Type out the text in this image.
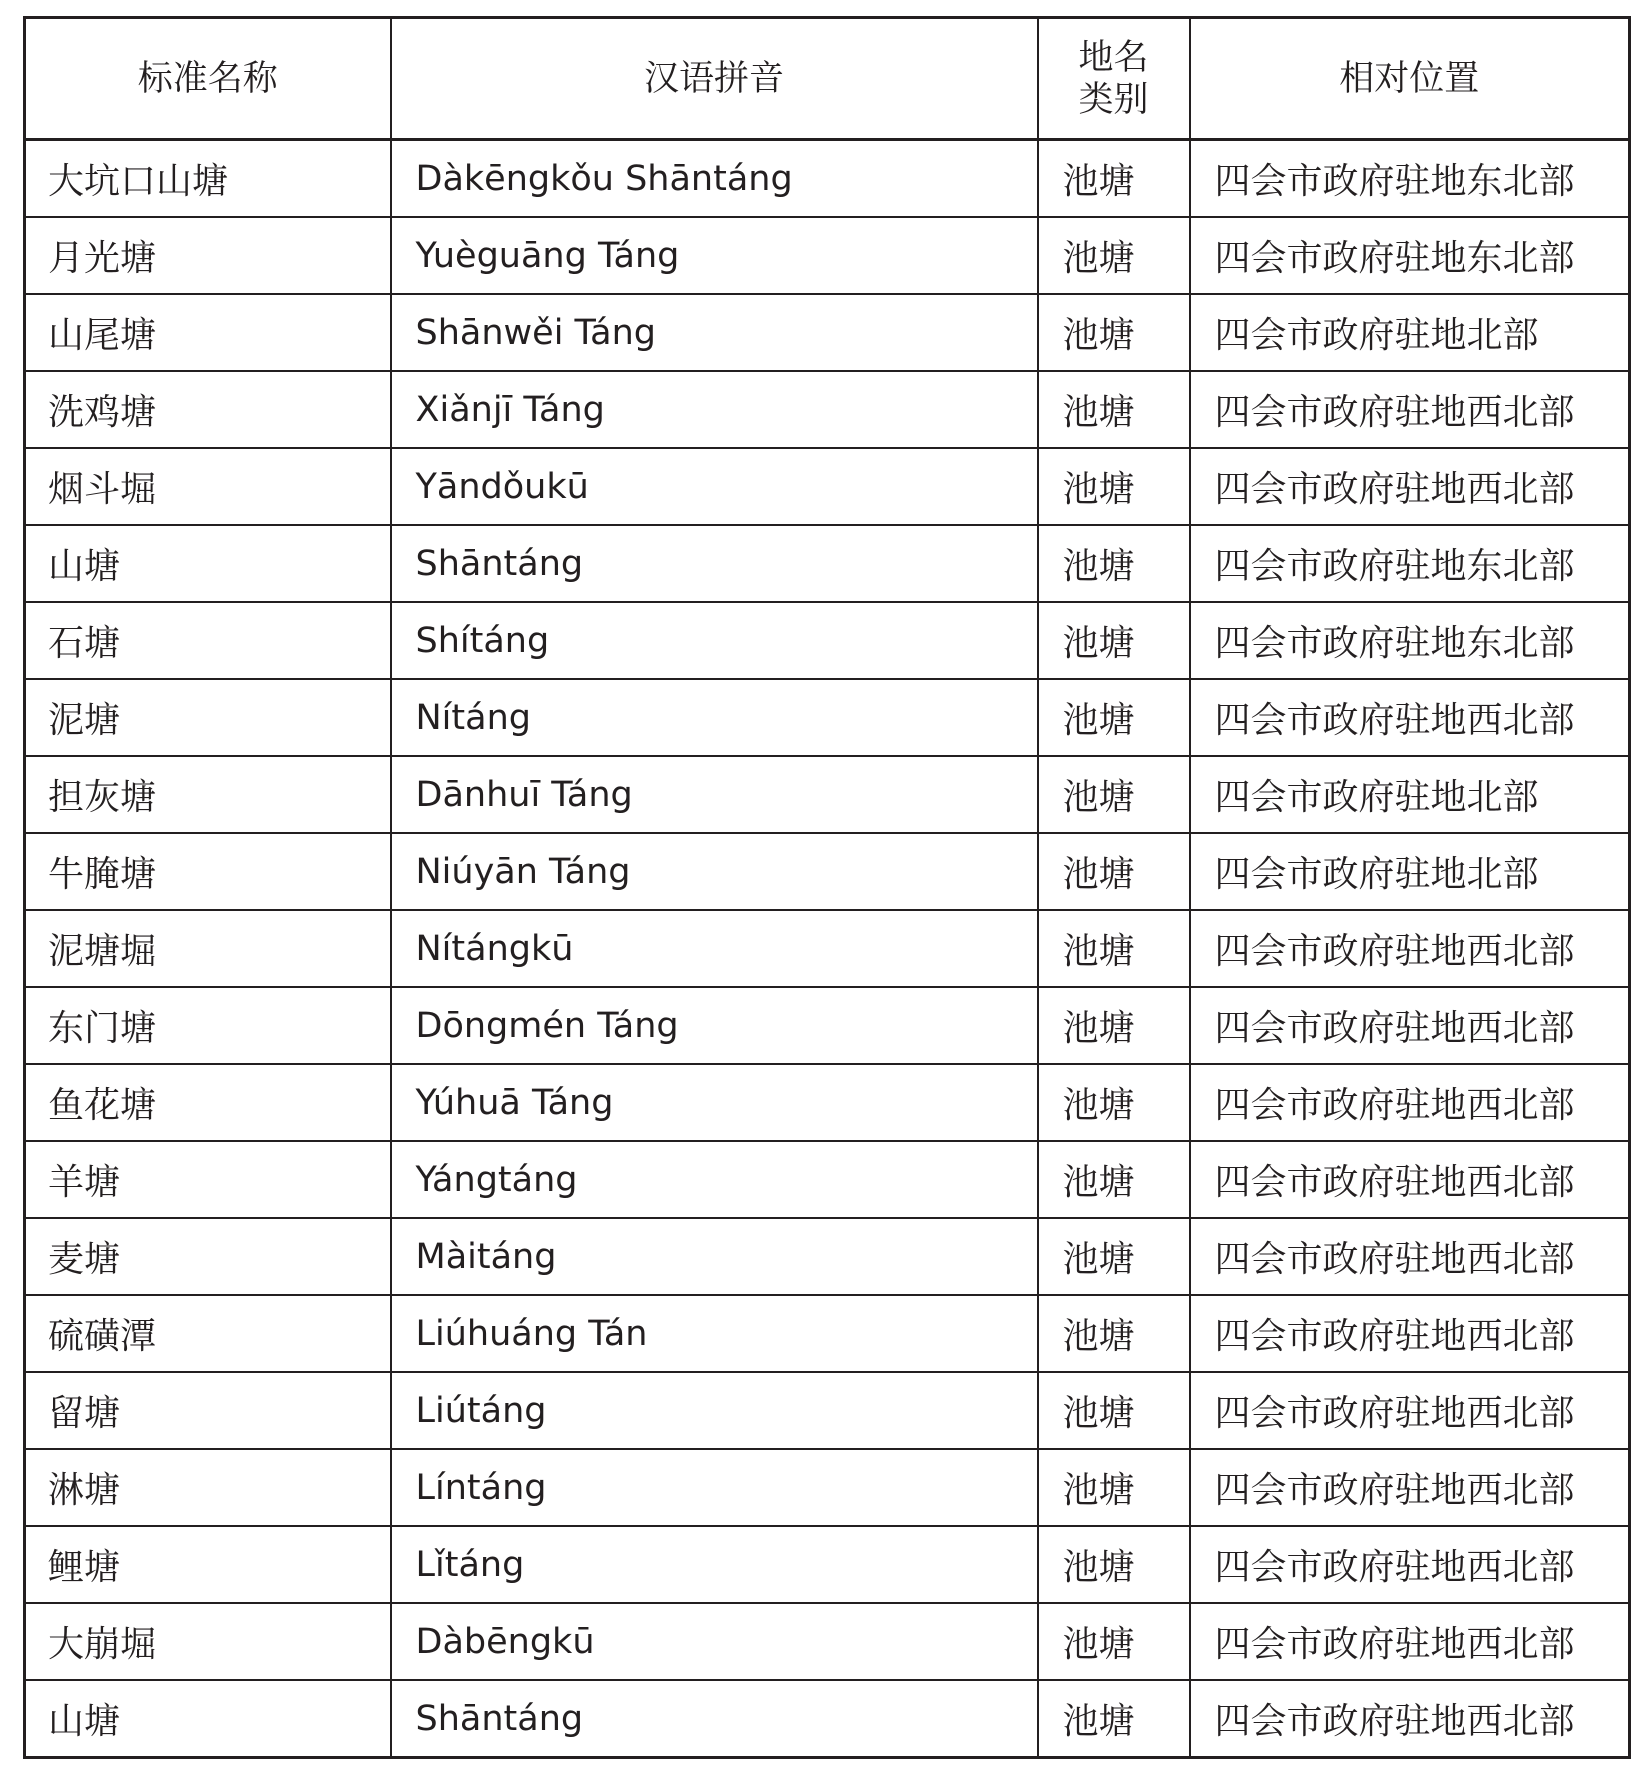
标准名称	汉语拼音	地名类别	相对位置
大坑口山塘	Dàkēngkǒu Shāntáng	池塘	四会市政府驻地东北部
月光塘	Yuèguāng Táng	池塘	四会市政府驻地东北部
山尾塘	Shānwěi Táng	池塘	四会市政府驻地北部
洗鸡塘	Xiǎnjī Táng	池塘	四会市政府驻地西北部
烟斗堀	Yāndǒukū	池塘	四会市政府驻地西北部
山塘	Shāntáng	池塘	四会市政府驻地东北部
石塘	Shítáng	池塘	四会市政府驻地东北部
泥塘	Nítáng	池塘	四会市政府驻地西北部
担灰塘	Dānhuī Táng	池塘	四会市政府驻地北部
牛腌塘	Niúyān Táng	池塘	四会市政府驻地北部
泥塘堀	Nítángkū	池塘	四会市政府驻地西北部
东门塘	Dōngmén Táng	池塘	四会市政府驻地西北部
鱼花塘	Yúhuā Táng	池塘	四会市政府驻地西北部
羊塘	Yángtáng	池塘	四会市政府驻地西北部
麦塘	Màitáng	池塘	四会市政府驻地西北部
硫磺潭	Liúhuáng Tán	池塘	四会市政府驻地西北部
留塘	Liútáng	池塘	四会市政府驻地西北部
淋塘	Líntáng	池塘	四会市政府驻地西北部
鲤塘	Lǐtáng	池塘	四会市政府驻地西北部
大崩堀	Dàbēngkū	池塘	四会市政府驻地西北部
山塘	Shāntáng	池塘	四会市政府驻地西北部
